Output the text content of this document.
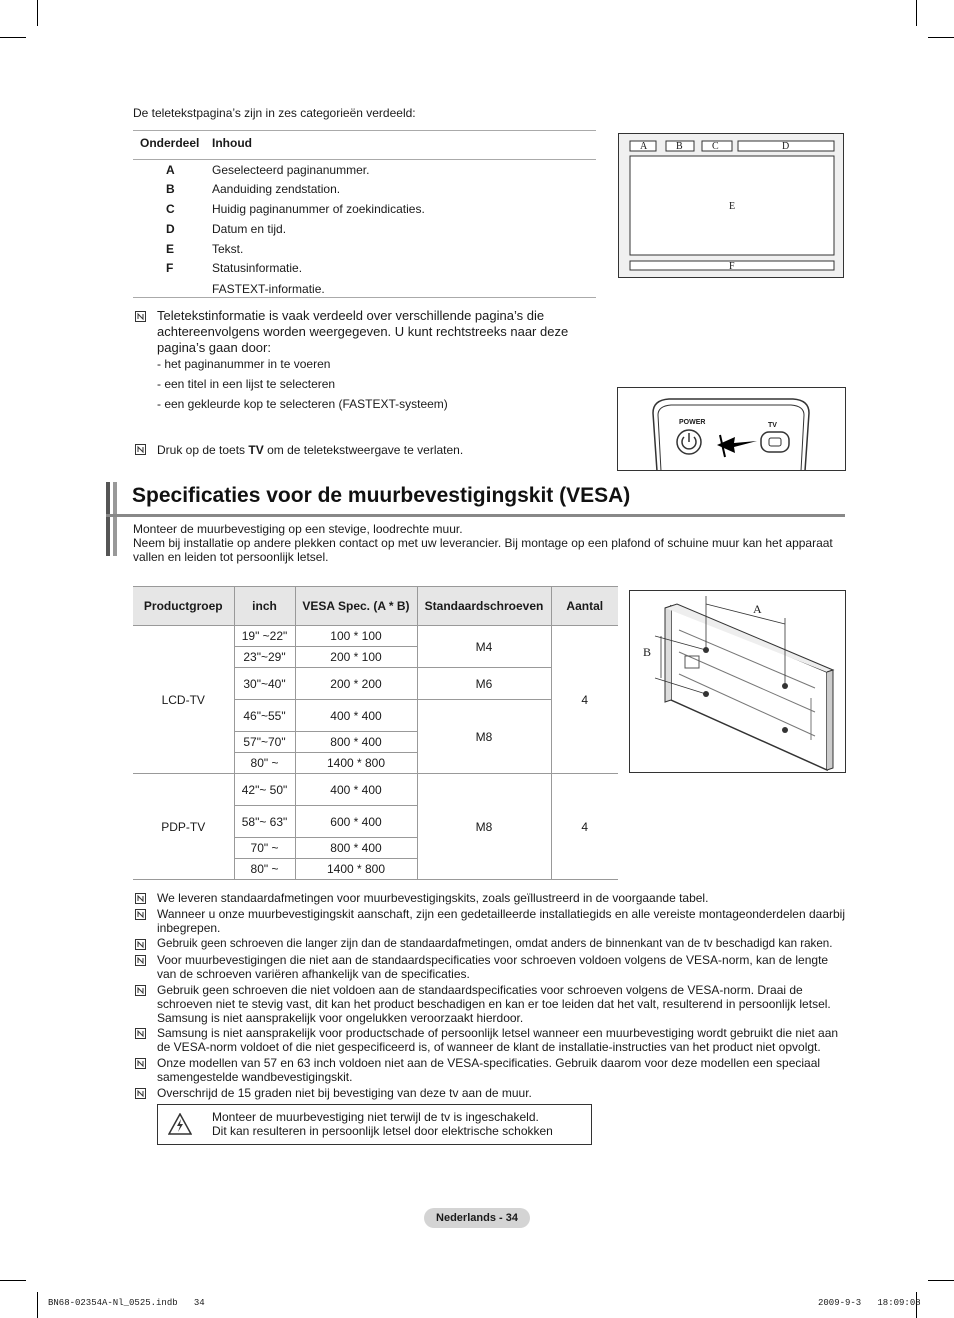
De teletekstpagina’s zijn in zes categorieën verdeeld:
Onderdeel Inhoud
A	Geselecteerd paginanummer.
B	Aanduiding zendstation.
C	Huidig paginanummer of zoekindicaties.
D	Datum en tijd.
E	Tekst.
F	Statusinformatie.
FASTEXT-informatie.
A	B	C	D
E
F
Teletekstinformatie is vaak verdeeld over verschillende pagina’s die achtereenvolgens worden weergegeven. U kunt rechtstreeks naar deze pagina’s gaan door:
- het paginanummer in te voeren
- een titel in een lijst te selecteren
- een gekleurde kop te selecteren (FASTEXT-systeem)
Druk op de toets TV om de teletekstweergave te verlaten.
POWER	TV
Specificaties voor de muurbevestigingskit (VESA)
Monteer de muurbevestiging op een stevige, loodrechte muur.
Neem bij installatie op andere plekken contact op met uw leverancier. Bij montage op een plafond of schuine muur kan het apparaat vallen en leiden tot persoonlijk letsel.
Productgroep	inch	VESA Spec. (A * B)	Standaardschroeven	Aantal
LCD-TV	19" ~22"	100 * 100	M4	4
	23"~29"	200 * 100		
	30"~40"	200 * 200	M6	
	46"~55"	400 * 400	M8	
	57"~70"	800 * 400		
	80" ~	1400 * 800		
PDP-TV	42"~ 50"	400 * 400	M8	4
	58"~ 63"	600 * 400		
	70" ~	800 * 400		
	80" ~	1400 * 800		
A
B
We leveren standaardafmetingen voor muurbevestigingskits, zoals geïllustreerd in de voorgaande tabel.
Wanneer u onze muurbevestigingskit aanschaft, zijn een gedetailleerde installatiegids en alle vereiste montageonderdelen daarbij inbegrepen.
Gebruik geen schroeven die langer zijn dan de standaardafmetingen, omdat anders de binnenkant van de tv beschadigd kan raken.
Voor muurbevestigingen die niet aan de standaardspecificaties voor schroeven voldoen volgens de VESA-norm, kan de lengte van de schroeven variëren afhankelijk van de specificaties.
Gebruik geen schroeven die niet voldoen aan de standaardspecificaties voor schroeven volgens de VESA-norm. Draai de schroeven niet te stevig vast, dit kan het product beschadigen en kan er toe leiden dat het valt, resulterend in persoonlijk letsel. Samsung is niet aansprakelijk voor ongelukken veroorzaakt hierdoor.
Samsung is niet aansprakelijk voor productschade of persoonlijk letsel wanneer een muurbevestiging wordt gebruikt die niet aan de VESA-norm voldoet of die niet gespecificeerd is, of wanneer de klant de installatie-instructies van het product niet opvolgt.
Onze modellen van 57 en 63 inch voldoen niet aan de VESA-specificaties. Gebruik daarom voor deze modellen een speciaal samengestelde wandbevestigingskit.
Overschrijd de 15 graden niet bij bevestiging van deze tv aan de muur.
Monteer de muurbevestiging niet terwijl de tv is ingeschakeld.
Dit kan resulteren in persoonlijk letsel door elektrische schokken
Nederlands - 34
BN68-02354A-Nl_0525.indb   34	2009-9-3   18:09:08
